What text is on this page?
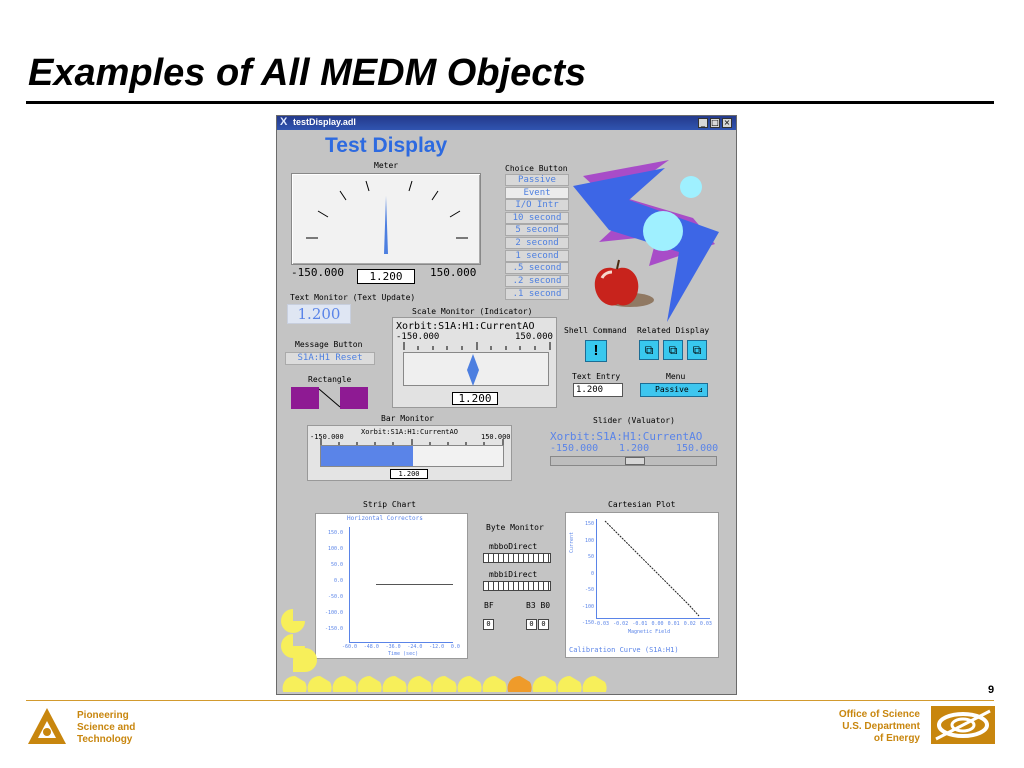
Examples of All MEDM Objects
X testDisplay.adl	_ □ ×
Test Display
Meter
-150.000	1.200	150.000
Choice Button
Passive
Event
I/O Intr
10 second
5 second
2 second
1 second
.5 second
.2 second
.1 second
Text Monitor (Text Update)
1.200
Message Button
S1A:H1 Reset
Rectangle
Scale Monitor (Indicator)
Xorbit:S1A:H1:CurrentAO
-150.000	150.000
1.200
Bar Monitor
Xorbit:S1A:H1:CurrentAO
-150.000	150.000
1.200
Shell Command
!
Related Display
⧉	⧉	⧉
Text Entry
1.200
Menu
Passive ⊿
Slider (Valuator)
Xorbit:S1A:H1:CurrentAO
-150.000 1.200	150.000
Strip Chart
Horizontal Correctors
150.0
100.0
50.0
0.0
-50.0
-100.0
-150.0
-60.0 -48.0 -36.0 -24.0 -12.0 0.0
Time (sec)
Byte Monitor
mbboDirect
mbbiDirect
BF	B3 B0
0	0	0
Cartesian Plot
Current
150
100
50
0
-50
-100
-150 -0.03 -0.02 -0.01 0.00 0.01 0.02 0.03
Magnetic Field
Calibration Curve (S1A:H1)
9
Pioneering
Science and
Technology
Office of Science
U.S. Department
of Energy
